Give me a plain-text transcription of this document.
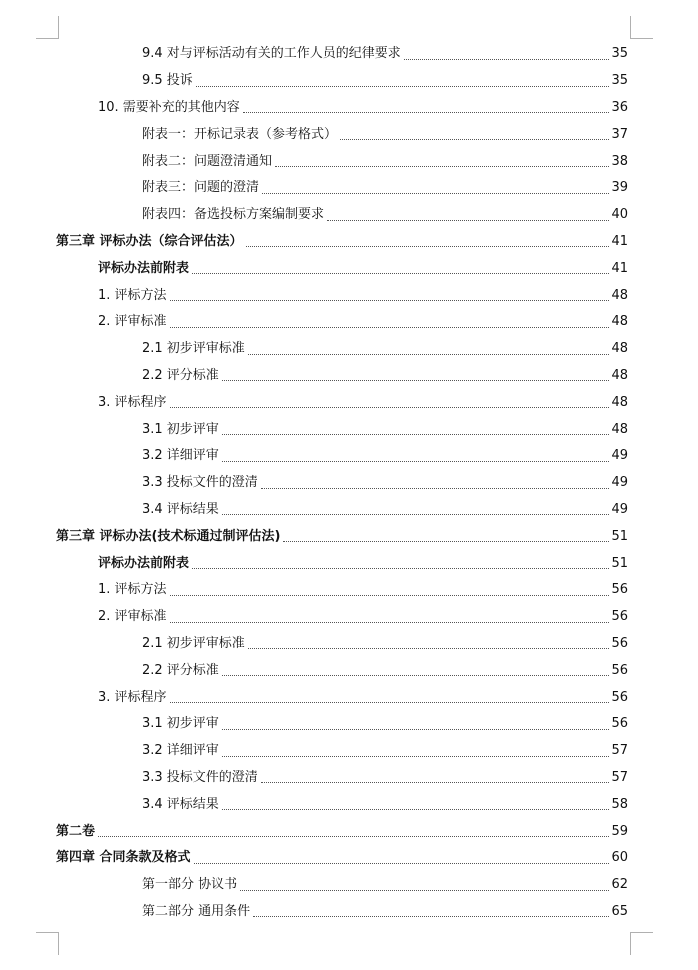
9.4 对与评标活动有关的工作人员的纪律要求	35
9.5 投诉	35
10. 需要补充的其他内容	36
附表一：开标记录表（参考格式）	37
附表二：问题澄清通知	38
附表三：问题的澄清	39
附表四：备选投标方案编制要求	40
第三章 评标办法（综合评估法）	41
评标办法前附表	41
1. 评标方法	48
2. 评审标准	48
2.1 初步评审标准	48
2.2 评分标准	48
3. 评标程序	48
3.1 初步评审	48
3.2 详细评审	49
3.3 投标文件的澄清	49
3.4 评标结果	49
第三章 评标办法(技术标通过制评估法)	51
评标办法前附表	51
1. 评标方法	56
2. 评审标准	56
2.1 初步评审标准	56
2.2 评分标准	56
3. 评标程序	56
3.1 初步评审	56
3.2 详细评审	57
3.3 投标文件的澄清	57
3.4 评标结果	58
第二卷	59
第四章 合同条款及格式	60
第一部分 协议书	62
第二部分 通用条件	65
